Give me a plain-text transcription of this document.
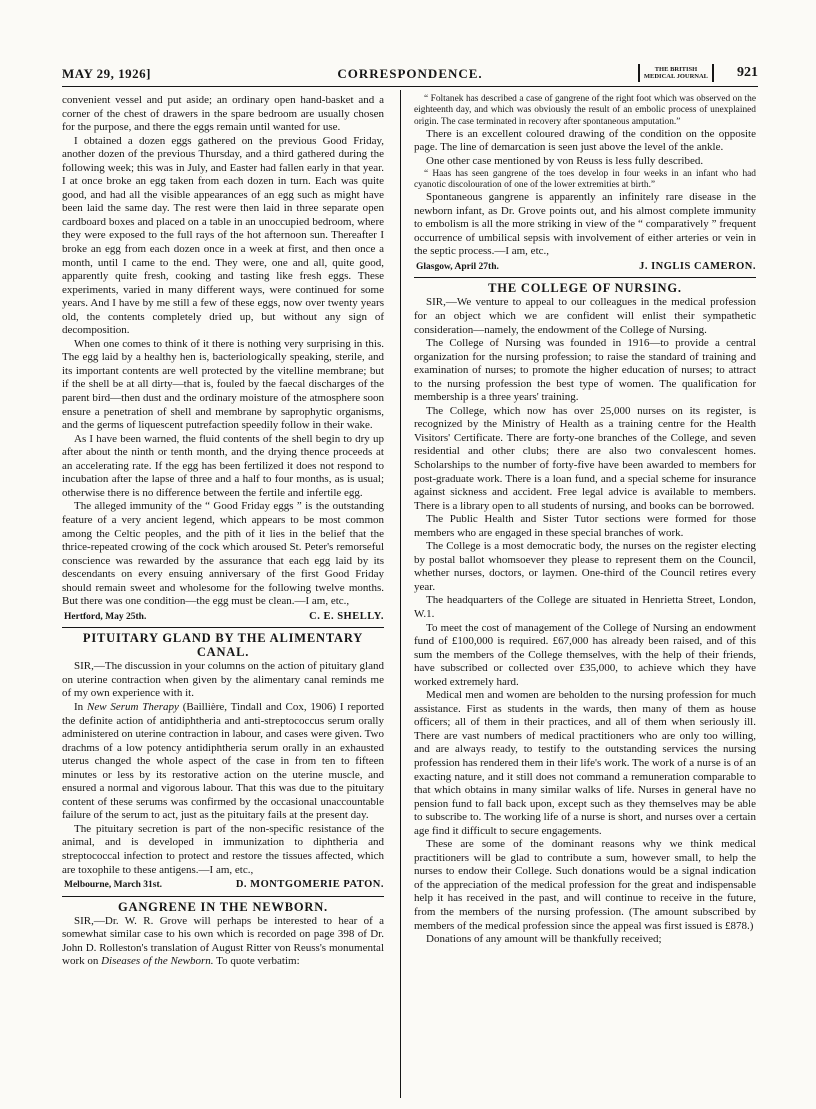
MAY 29, 1926]	CORRESPONDENCE.	THE BRITISH
MEDICAL JOURNAL 921

convenient vessel and put aside; an ordinary open hand-basket and a corner of the chest of drawers in the spare bedroom are usually chosen for the purpose, and there the eggs remain until wanted for use.

I obtained a dozen eggs gathered on the previous Good Friday, another dozen of the previous Thursday, and a third gathered during the following week; this was in July, and Easter had fallen early in that year. I at once broke an egg taken from each dozen in turn. Each was quite good, and had all the visible appearances of an egg such as might have been laid the same day. The rest were then laid in three separate open cardboard boxes and placed on a table in an unoccupied bedroom, where they were exposed to the full rays of the hot afternoon sun. Thereafter I broke an egg from each dozen once in a week at first, and then once a month, until I came to the end. They were, one and all, quite good, apparently quite fresh, cooking and tasting like fresh eggs. These experiments, varied in many different ways, were continued for some years. And I have by me still a few of these eggs, now over twenty years old, the contents completely dried up, but without any sign of decomposition.

When one comes to think of it there is nothing very surprising in this. The egg laid by a healthy hen is, bacteriologically speaking, sterile, and its important contents are well protected by the vitelline membrane; but if the shell be at all dirty—that is, fouled by the faecal discharges of the parent bird—then dust and the ordinary moisture of the atmosphere soon ensure a penetration of shell and membrane by saprophytic organisms, and the germs of liquescent putrefaction speedily follow in their wake.

As I have been warned, the fluid contents of the shell begin to dry up after about the ninth or tenth month, and the drying thence proceeds at an accelerating rate. If the egg has been fertilized it does not respond to incubation after the lapse of three and a half to four months, as is usual; otherwise there is no difference between the fertile and infertile egg.

The alleged immunity of the “ Good Friday eggs ” is the outstanding feature of a very ancient legend, which appears to be most common among the Celtic peoples, and the pith of it lies in the belief that the thrice-repeated crowing of the cock which aroused St. Peter's remorseful conscience was rewarded by the assurance that each egg laid by its descendants on every ensuing anniversary of the first Good Friday should remain sweet and wholesome for the following twelve months. But there was one condition—the egg must be clean.—I am, etc.,

Hertford, May 25th.	C. E. SHELLY.
PITUITARY GLAND BY THE ALIMENTARY CANAL.

SIR,—The discussion in your columns on the action of pituitary gland on uterine contraction when given by the alimentary canal reminds me of my own experience with it.

In New Serum Therapy (Baillière, Tindall and Cox, 1906) I reported the definite action of antidiphtheria and anti-streptococcus serum orally administered on uterine contraction in labour, and cases were given. Two drachms of a low potency antidiphtheria serum orally in an exhausted uterus changed the whole aspect of the case in from ten to fifteen minutes or less by its restorative action on the uterine muscle, and ensured a normal and vigorous labour. That this was due to the pituitary content of these serums was confirmed by the occasional unaccountable failure of the serum to act, just as the pituitary fails at the present day.

The pituitary secretion is part of the non-specific resistance of the animal, and is developed in immunization to diphtheria and streptococcal infection to protect and restore the tissues affected, which are toxophile to these antigens.—I am, etc.,

Melbourne, March 31st.	D. MONTGOMERIE PATON.
GANGRENE IN THE NEWBORN.

SIR,—Dr. W. R. Grove will perhaps be interested to hear of a somewhat similar case to his own which is recorded on page 398 of Dr. John D. Rolleston's translation of August Ritter von Reuss's monumental work on Diseases of the Newborn. To quote verbatim:

“ Foltanek has described a case of gangrene of the right foot which was observed on the eighteenth day, and which was obviously the result of an embolic process of unexplained origin. The case terminated in recovery after spontaneous amputation.”

There is an excellent coloured drawing of the condition on the opposite page. The line of demarcation is seen just above the level of the ankle.

One other case mentioned by von Reuss is less fully described.

“ Haas has seen gangrene of the toes develop in four weeks in an infant who had cyanotic discolouration of one of the lower extremities at birth.”

Spontaneous gangrene is apparently an infinitely rare disease in the newborn infant, as Dr. Grove points out, and his almost complete immunity to embolism is all the more striking in view of the “ comparatively ” frequent occurrence of umbilical sepsis with involvement of either arteries or vein in the septic process.—I am, etc.,

Glasgow, April 27th.	J. INGLIS CAMERON.
THE COLLEGE OF NURSING.

SIR,—We venture to appeal to our colleagues in the medical profession for an object which we are confident will enlist their sympathetic consideration—namely, the endowment of the College of Nursing.

The College of Nursing was founded in 1916—to provide a central organization for the nursing profession; to raise the standard of training and examination of nurses; to promote the higher education of nurses; to attract to the nursing profession the best type of women. The qualification for membership is a three years' training.

The College, which now has over 25,000 nurses on its register, is recognized by the Ministry of Health as a training centre for the Health Visitors' Certificate. There are forty-one branches of the College, and seven residential and other clubs; there are also two convalescent homes. Scholarships to the number of forty-five have been awarded to members for post-graduate work. There is a loan fund, and a special scheme for insurance against sickness and accident. Free legal advice is available to members. There is a library open to all students of nursing, and books can be borrowed.

The Public Health and Sister Tutor sections were formed for those members who are engaged in these special branches of work.

The College is a most democratic body, the nurses on the register electing by postal ballot whomsoever they please to represent them on the Council, whether nurses, doctors, or laymen. One-third of the Council retires every year.

The headquarters of the College are situated in Henrietta Street, London, W.1.

To meet the cost of management of the College of Nursing an endowment fund of £100,000 is required. £67,000 has already been raised, and of this sum the members of the College themselves, with the help of their friends, have subscribed or collected over £35,000, to achieve which they have worked extremely hard.

Medical men and women are beholden to the nursing profession for much assistance. First as students in the wards, then many of them as house officers; all of them in their practices, and all of them when seriously ill. There are vast numbers of medical practitioners who are only too willing, and are always ready, to testify to the outstanding services the nursing profession has rendered them in their life's work. The work of a nurse is of an exacting nature, and it still does not command a remuneration comparable to that which obtains in many similar walks of life. Nurses in general have no pension fund to fall back upon, except such as they themselves may be able to subscribe to. The working life of a nurse is short, and nurses over a certain age find it difficult to secure engagements.

These are some of the dominant reasons why we think medical practitioners will be glad to contribute a sum, however small, to help the nurses to endow their College. Such donations would be a signal indication of the appreciation of the medical profession for the great and indispensable help it has received in the past, and will continue to receive in the future, from the members of the nursing profession. (The amount subscribed by members of the medical profession since the appeal was first issued is £878.)

Donations of any amount will be thankfully received;
